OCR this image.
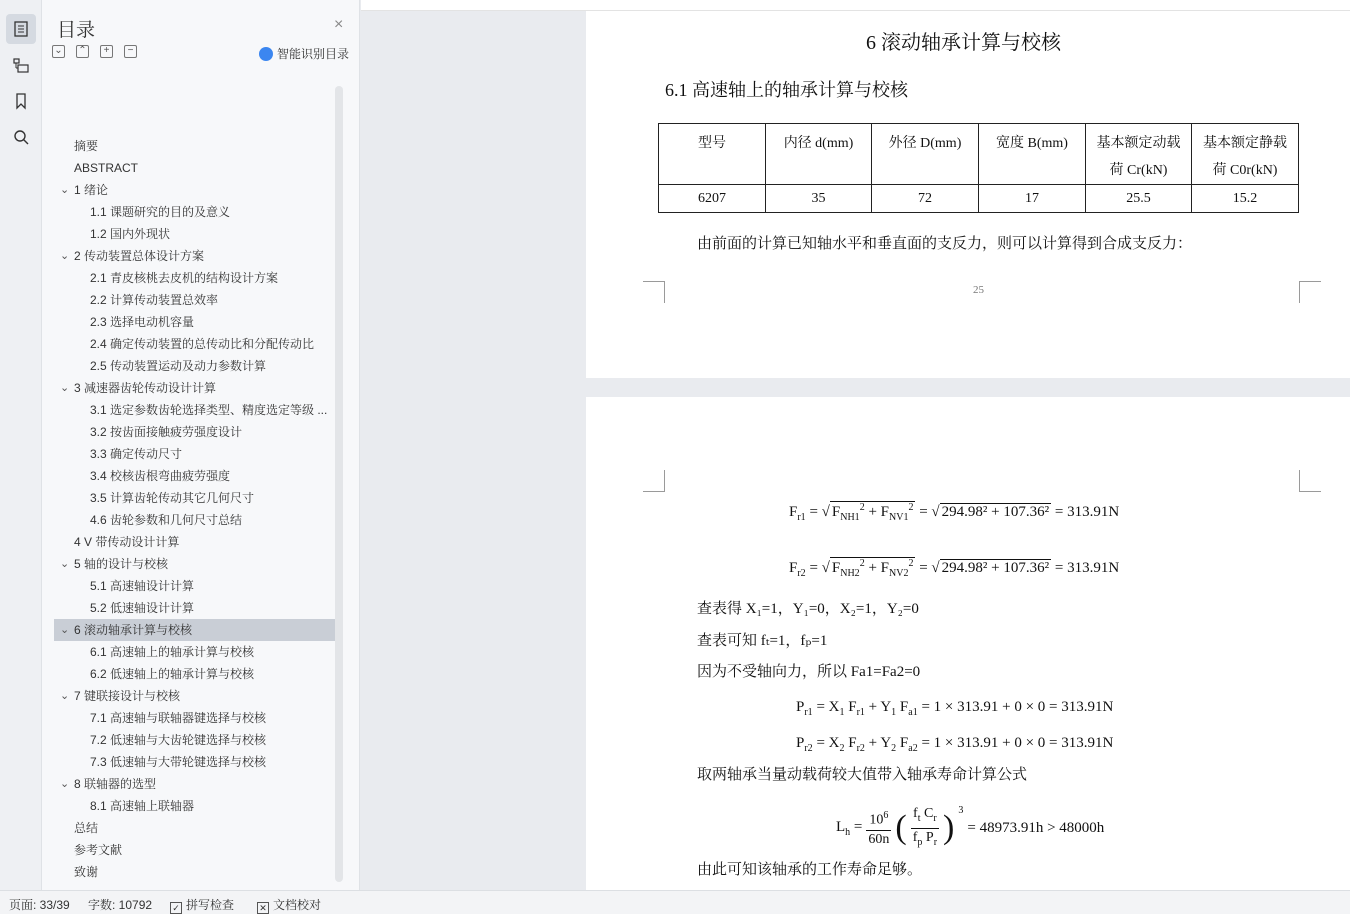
目录	×
⌄ ⌃	+	−	智能识别目录
摘要
ABSTRACT
⌄ 1 绪论
1.1 课题研究的目的及意义
1.2 国内外现状
⌄ 2 传动装置总体设计方案
2.1 青皮核桃去皮机的结构设计方案
2.2 计算传动装置总效率
2.3 选择电动机容量
2.4 确定传动装置的总传动比和分配传动比
2.5 传动装置运动及动力参数计算
⌄ 3 减速器齿轮传动设计计算
3.1 选定参数齿轮选择类型、精度选定等级 ...
3.2 按齿面接触疲劳强度设计
3.3 确定传动尺寸
3.4 校核齿根弯曲疲劳强度
3.5 计算齿轮传动其它几何尺寸
4.6 齿轮参数和几何尺寸总结
4 V 带传动设计计算
⌄ 5 轴的设计与校核
5.1 高速轴设计计算
5.2 低速轴设计计算
⌄ 6 滚动轴承计算与校核
6.1 高速轴上的轴承计算与校核
6.2 低速轴上的轴承计算与校核
⌄ 7 键联接设计与校核
7.1 高速轴与联轴器键选择与校核
7.2 低速轴与大齿轮键选择与校核
7.3 低速轴与大带轮键选择与校核
⌄ 8 联轴器的选型
8.1 高速轴上联轴器
总结
参考文献
致谢
6 滚动轴承计算与校核
6.1 高速轴上的轴承计算与校核
型号	内径 d(mm)	外径 D(mm)	宽度 B(mm)	基本额定动载荷 Cr(kN)	基本额定静载荷 C0r(kN)
6207	35	72	17	25.5	15.2
由前面的计算已知轴水平和垂直面的支反力，则可以计算得到合成支反力：
25
$F_{r1}$ = √ $F_{NH1}^2 + F_{NV1}^2$ = √ 294.98² + 107.36² = 313.91N
$F_{r2}$ = √ $F_{NH2}^2 + F_{NV2}^2$ = √ 294.98² + 107.36² = 313.91N
查表得 X₁=1，Y₁=0，X₂=1，Y₂=0
查表可知 fₜ=1，fₚ=1
因为不受轴向力，所以 Fa1=Fa2=0
$P_{r1} = X_1$ $F_{r1} + Y_1$ $F_{a1} = 1 \times 313.91 + 0 \times 0 = 313.91N$
$P_{r2} = X_2$ $F_{r2} + Y_2$ $F_{a2} = 1 \times 313.91 + 0 \times 0 = 313.91N$
取两轴承当量动载荷较大值带入轴承寿命计算公式
$L_h = \frac{10^6}{60n}$ ( $f_t$ $C_r$
$f_p$ $P_r$ ) $^3$
= 48973.91h > 48000h
由此可知该轴承的工作寿命足够。
页面: 33/39 字数: 10792 ✓ 拼写检查	✕ 文档校对
